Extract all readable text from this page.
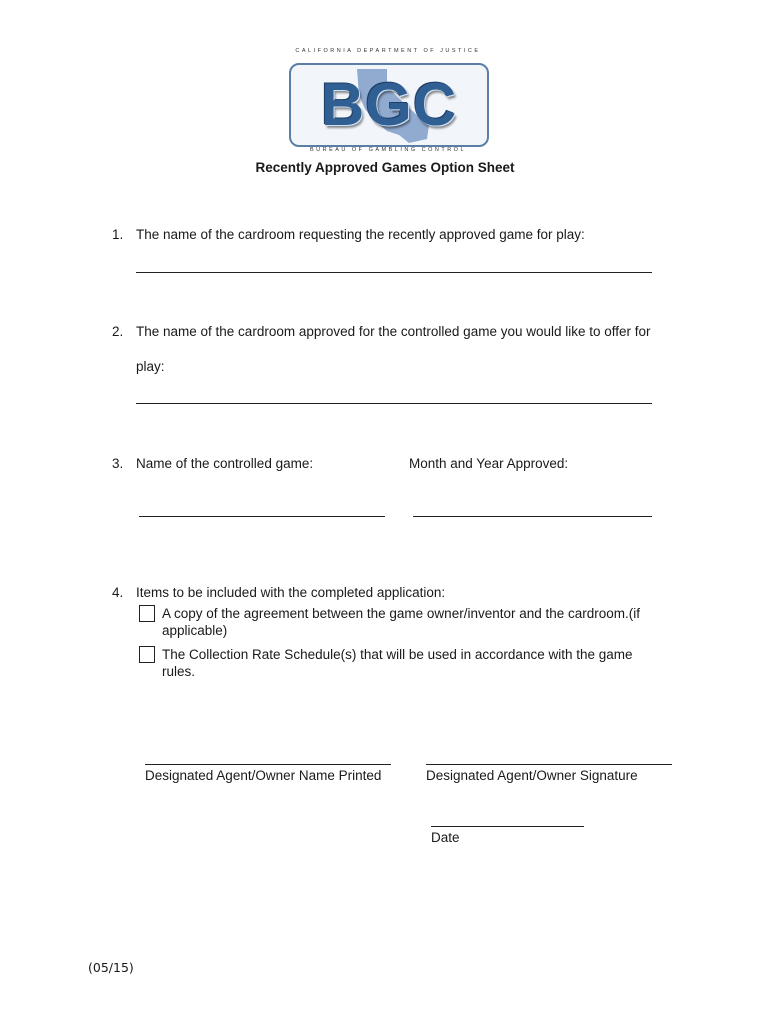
CALIFORNIA DEPARTMENT OF JUSTICE
BGC
BUREAU OF GAMBLING CONTROL
Recently Approved Games Option Sheet
1. The name of the cardroom requesting the recently approved game for play:
2. The name of the cardroom approved for the controlled game you would like to offer for
play:
3. Name of the controlled game:	Month and Year Approved:
4. Items to be included with the completed application:
A copy of the agreement between the game owner/inventor and the cardroom.(if applicable)
The Collection Rate Schedule(s) that will be used in accordance with the game rules.
Designated Agent/Owner Name Printed	Designated Agent/Owner Signature
Date
(05/15)
